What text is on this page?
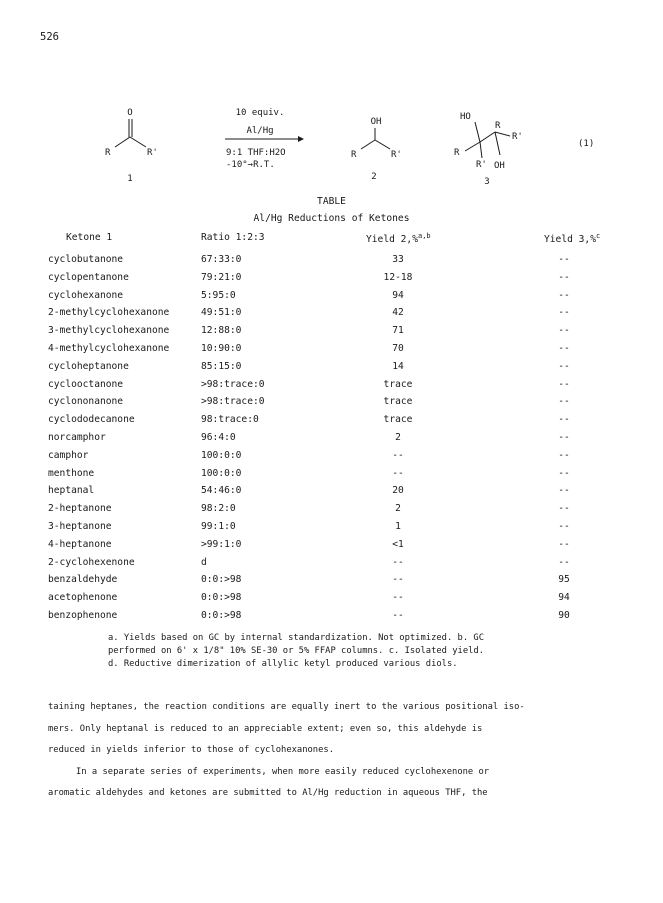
526
O
R	R'
1
10 equiv.
Al/Hg
9:1 THF:H2O
-10°→R.T.
OH
R	R'
2
HO
R
R'
R
R' OH
3
(1)
TABLE
Al/Hg Reductions of Ketones
Ketone 1	Ratio 1:2:3	Yield 2,%$^{a,b}$	Yield 3,%$^c$
cyclobutanone	67:33:0	33	--
cyclopentanone	79:21:0	12-18	--
cyclohexanone	5:95:0	94	--
2-methylcyclohexanone	49:51:0	42	--
3-methylcyclohexanone	12:88:0	71	--
4-methylcyclohexanone	10:90:0	70	--
cycloheptanone	85:15:0	14	--
cyclooctanone	>98:trace:0	trace	--
cyclononanone	>98:trace:0	trace	--
cyclododecanone	98:trace:0	trace	--
norcamphor	96:4:0	2	--
camphor	100:0:0	--	--
menthone	100:0:0	--	--
heptanal	54:46:0	20	--
2-heptanone	98:2:0	2	--
3-heptanone	99:1:0	1	--
4-heptanone	>99:1:0	<1	--
2-cyclohexenone	d	--	--
benzaldehyde	0:0:>98	--	95
acetophenone	0:0:>98	--	94
benzophenone	0:0:>98	--	90
a. Yields based on GC by internal standardization. Not optimized. b. GC
performed on 6' x 1/8" 10% SE-30 or 5% FFAP columns. c. Isolated yield.
d. Reductive dimerization of allylic ketyl produced various diols.
taining heptanes, the reaction conditions are equally inert to the various positional iso-
mers. Only heptanal is reduced to an appreciable extent; even so, this aldehyde is
reduced in yields inferior to those of cyclohexanones.
In a separate series of experiments, when more easily reduced cyclohexenone or
aromatic aldehydes and ketones are submitted to Al/Hg reduction in aqueous THF, the
